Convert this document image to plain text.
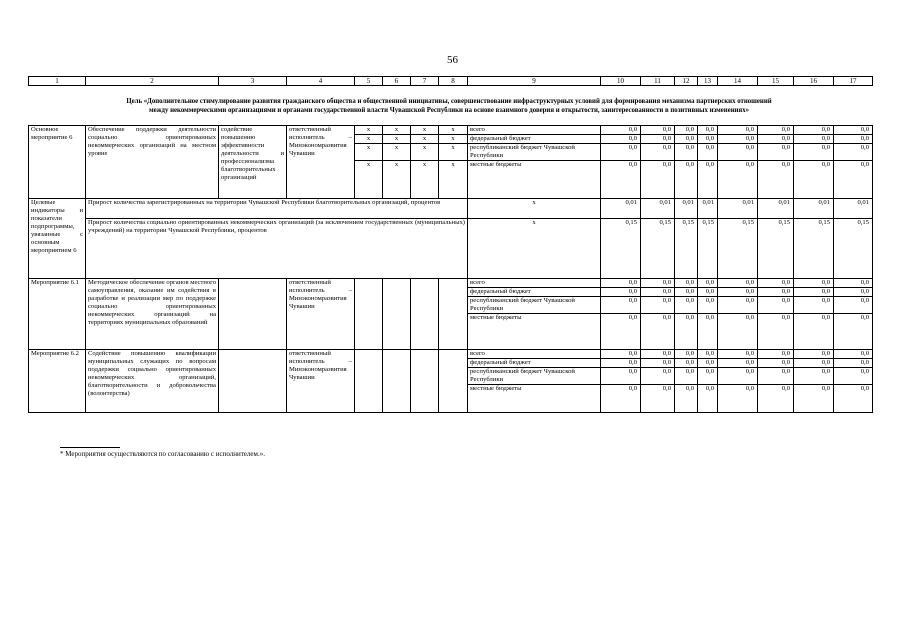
56
1	2	3	4	5	6	7	8	9	10	11	12	13	14	15	16	17
Цель «Дополнительное стимулирование развития гражданского общества и общественной инициативы, совершенствование инфраструктурных условий для формирования механизма партнерских отношений
между некоммерческими организациями и органами государственной власти Чувашской Республики на основе взаимного доверия и открытости, заинтересованности в позитивных изменениях»
Основное мероприятие 6	Обеспечение поддержки деятельности социально ориентированных некоммерческих организаций на местном уровне	содействие повышению эффективности деятельности и профессионализма благотворительных организаций	ответственный исполнитель – Минэкономразвития Чувашии	x	x	x	x	всего	0,0	0,0	0,0	0,0	0,0	0,0	0,0	0,0
				x	x	x	x	федеральный бюджет	0,0	0,0	0,0	0,0	0,0	0,0	0,0	0,0
				x	x	x	x	республиканский бюджет Чувашской Республики	0,0	0,0	0,0	0,0	0,0	0,0	0,0	0,0
				x	x	x	x	местные бюджеты	0,0	0,0	0,0	0,0	0,0	0,0	0,0	0,0
Целевые индикаторы и показатели подпрограммы, увязанные с основным мероприятием 6	Прирост количества зарегистрированных на территории Чувашской Республики благотворительных организаций, процентов							x	0,01	0,01	0,01	0,01	0,01	0,01	0,01	0,01
	Прирост количества социально ориентированных некоммерческих организаций (за исключением государственных (муниципальных) учреждений) на территории Чувашской Республики, процентов							x	0,15	0,15	0,15	0,15	0,15	0,15	0,15	0,15
Мероприятие 6.1	Методическое обеспечение органов местного самоуправления, оказание им содействия в разработке и реализации мер по поддержке социально ориентированных некоммерческих организаций на территориях муниципальных образований		ответственный исполнитель – Минэкономразвития Чувашии					всего	0,0	0,0	0,0	0,0	0,0	0,0	0,0	0,0
								федеральный бюджет	0,0	0,0	0,0	0,0	0,0	0,0	0,0	0,0
								республиканский бюджет Чувашской Республики	0,0	0,0	0,0	0,0	0,0	0,0	0,0	0,0
								местные бюджеты	0,0	0,0	0,0	0,0	0,0	0,0	0,0	0,0
Мероприятие 6.2	Содействие повышению квалификации муниципальных служащих по вопросам поддержки социально ориентированных некоммерческих организаций, благотворительности и добровольчества (волонтерства)		ответственный исполнитель – Минэкономразвития Чувашии					всего	0,0	0,0	0,0	0,0	0,0	0,0	0,0	0,0
								федеральный бюджет	0,0	0,0	0,0	0,0	0,0	0,0	0,0	0,0
								республиканский бюджет Чувашской Республики	0,0	0,0	0,0	0,0	0,0	0,0	0,0	0,0
								местные бюджеты	0,0	0,0	0,0	0,0	0,0	0,0	0,0	0,0
* Мероприятия осуществляются по согласованию с исполнителем.».
